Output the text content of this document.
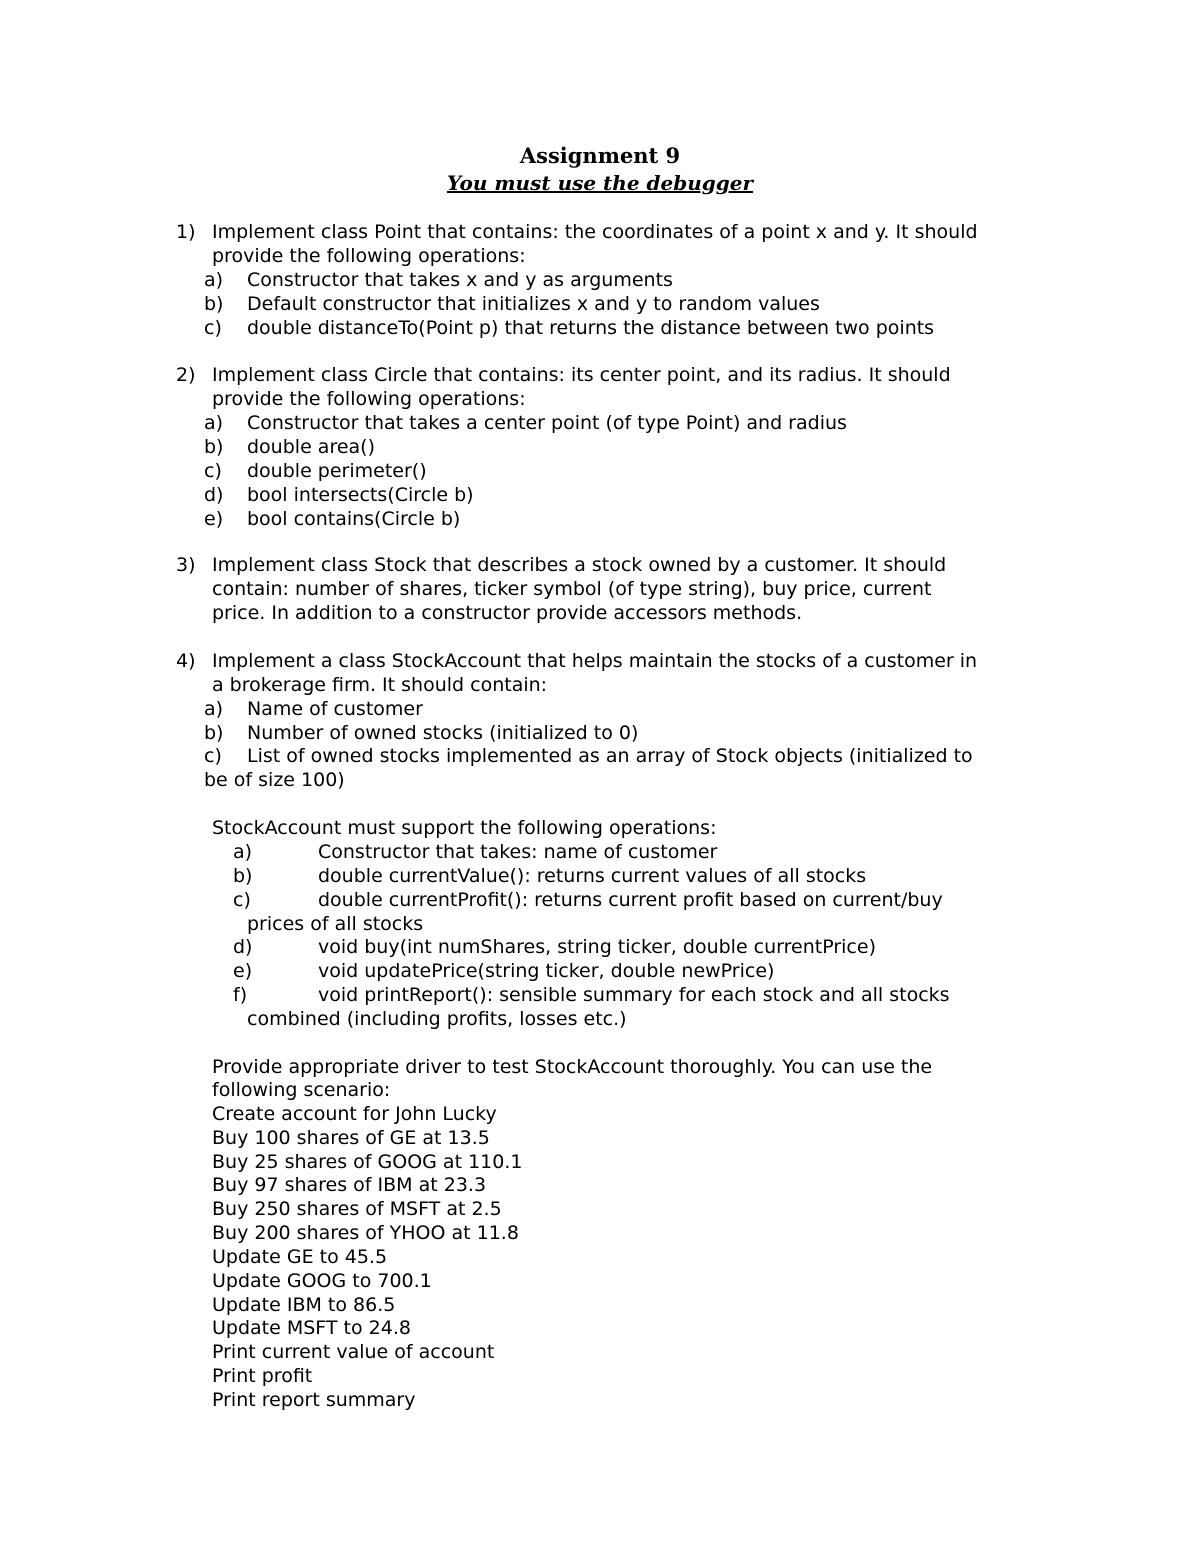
Assignment 9
You must use the debugger
1) Implement class Point that contains: the coordinates of a point x and y. It should
provide the following operations:
a) Constructor that takes x and y as arguments
b) Default constructor that initializes x and y to random values
c) double distanceTo(Point p) that returns the distance between two points
2) Implement class Circle that contains: its center point, and its radius. It should
provide the following operations:
a) Constructor that takes a center point (of type Point) and radius
b) double area()
c) double perimeter()
d) bool intersects(Circle b)
e) bool contains(Circle b)
3) Implement class Stock that describes a stock owned by a customer. It should
contain: number of shares, ticker symbol (of type string), buy price, current
price. In addition to a constructor provide accessors methods.
4) Implement a class StockAccount that helps maintain the stocks of a customer in
a brokerage firm. It should contain:
a) Name of customer
b) Number of owned stocks (initialized to 0)
c) List of owned stocks implemented as an array of Stock objects (initialized to
be of size 100)
StockAccount must support the following operations:
a)	Constructor that takes: name of customer
b)	double currentValue(): returns current values of all stocks
c)	double currentProfit(): returns current profit based on current/buy
prices of all stocks
d)	void buy(int numShares, string ticker, double currentPrice)
e)	void updatePrice(string ticker, double newPrice)
f)	void printReport(): sensible summary for each stock and all stocks
combined (including profits, losses etc.)
Provide appropriate driver to test StockAccount thoroughly. You can use the
following scenario:
Create account for John Lucky
Buy 100 shares of GE at 13.5
Buy 25 shares of GOOG at 110.1
Buy 97 shares of IBM at 23.3
Buy 250 shares of MSFT at 2.5
Buy 200 shares of YHOO at 11.8
Update GE to 45.5
Update GOOG to 700.1
Update IBM to 86.5
Update MSFT to 24.8
Print current value of account
Print profit
Print report summary
